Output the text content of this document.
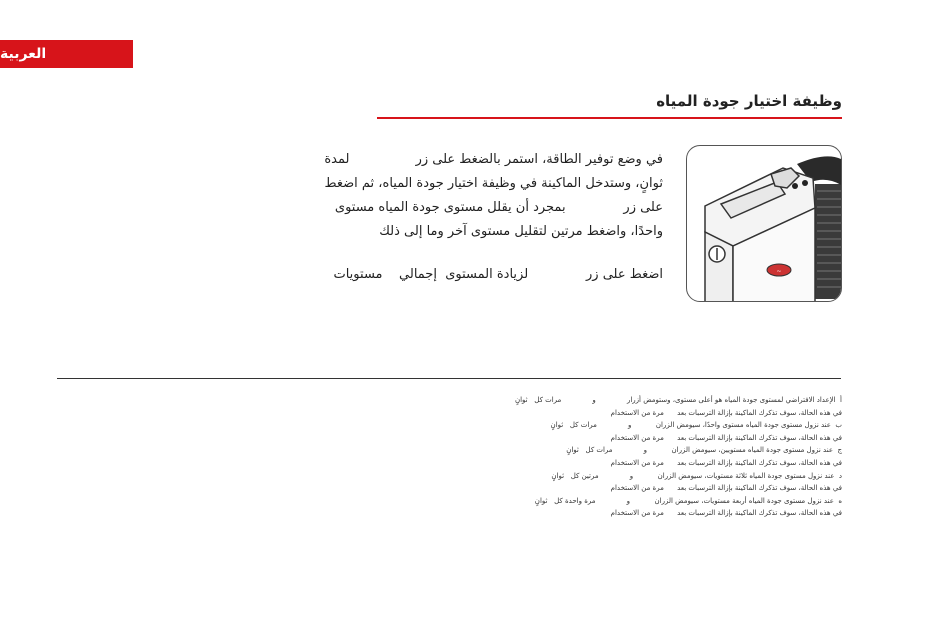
العربية
وظيفة اختيار جودة المياه
~
في وضع توفير الطاقة، استمر بالضغط على زر                لمدة
ثوانٍ، وستدخل الماكينة في وظيفة اختيار جودة المياه، ثم اضغط
على زر              بمجرد أن يقلل مستوى جودة المياه مستوى
واحدًا، واضغط مرتين لتقليل مستوى آخر وما إلى ذلك
اضغط على زر              لزيادة المستوى  إجمالي    مستويات
أ  الإعداد الافتراضي لمستوى جودة المياه هو أعلى مستوى، وستومض أزرار              و              مرات كل   ثوانٍ
في هذه الحالة، سوف تذكرك الماكينة بإزالة الترسبات بعد      مرة من الاستخدام
ب  عند نزول مستوى جودة المياه مستوى واحدًا، سيومض الزران           و              مرات كل   ثوانٍ
في هذه الحالة، سوف تذكرك الماكينة بإزالة الترسبات بعد      مرة من الاستخدام
ج  عند نزول مستوى جودة المياه مستويين، سيومض الزران           و              مرات كل   ثوانٍ
في هذه الحالة، سوف تذكرك الماكينة بإزالة الترسبات بعد      مرة من الاستخدام
د  عند نزول مستوى جودة المياه ثلاثة مستويات، سيومض الزران           و              مرتين كل   ثوانٍ
في هذه الحالة، سوف تذكرك الماكينة بإزالة الترسبات بعد      مرة من الاستخدام
ه  عند نزول مستوى جودة المياه أربعة مستويات، سيومض الزران           و              مرة واحدة كل   ثوانٍ
في هذه الحالة، سوف تذكرك الماكينة بإزالة الترسبات بعد      مرة من الاستخدام
